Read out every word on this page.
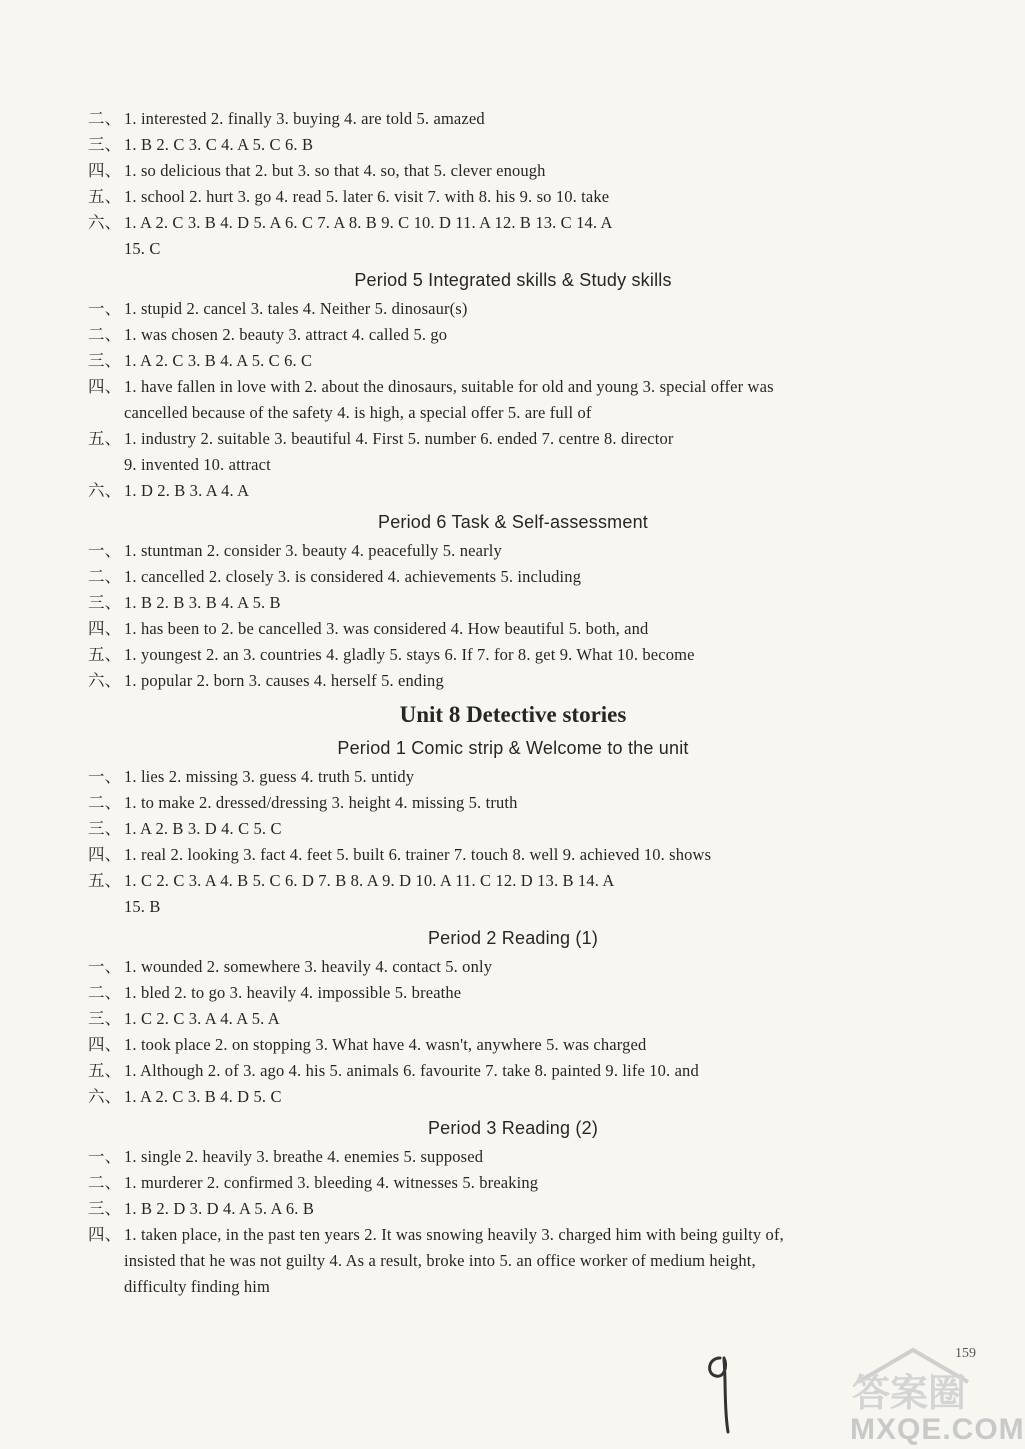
二、 1. interested 2. finally 3. buying 4. are told 5. amazed
三、 1. B 2. C 3. C 4. A 5. C 6. B
四、 1. so delicious that 2. but 3. so that 4. so, that 5. clever enough
五、 1. school 2. hurt 3. go 4. read 5. later 6. visit 7. with 8. his 9. so 10. take
六、 1. A 2. C 3. B 4. D 5. A 6. C 7. A 8. B 9. C 10. D 11. A 12. B 13. C 14. A
15. C
Period 5 Integrated skills & Study skills
一、 1. stupid 2. cancel 3. tales 4. Neither 5. dinosaur(s)
二、 1. was chosen 2. beauty 3. attract 4. called 5. go
三、 1. A 2. C 3. B 4. A 5. C 6. C
四、 1. have fallen in love with 2. about the dinosaurs, suitable for old and young 3. special offer was
cancelled because of the safety 4. is high, a special offer 5. are full of
五、 1. industry 2. suitable 3. beautiful 4. First 5. number 6. ended 7. centre 8. director
9. invented 10. attract
六、 1. D 2. B 3. A 4. A
Period 6 Task & Self-assessment
一、 1. stuntman 2. consider 3. beauty 4. peacefully 5. nearly
二、 1. cancelled 2. closely 3. is considered 4. achievements 5. including
三、 1. B 2. B 3. B 4. A 5. B
四、 1. has been to 2. be cancelled 3. was considered 4. How beautiful 5. both, and
五、 1. youngest 2. an 3. countries 4. gladly 5. stays 6. If 7. for 8. get 9. What 10. become
六、 1. popular 2. born 3. causes 4. herself 5. ending
Unit 8 Detective stories
Period 1 Comic strip & Welcome to the unit
一、 1. lies 2. missing 3. guess 4. truth 5. untidy
二、 1. to make 2. dressed/dressing 3. height 4. missing 5. truth
三、 1. A 2. B 3. D 4. C 5. C
四、 1. real 2. looking 3. fact 4. feet 5. built 6. trainer 7. touch 8. well 9. achieved 10. shows
五、 1. C 2. C 3. A 4. B 5. C 6. D 7. B 8. A 9. D 10. A 11. C 12. D 13. B 14. A
15. B
Period 2 Reading (1)
一、 1. wounded 2. somewhere 3. heavily 4. contact 5. only
二、 1. bled 2. to go 3. heavily 4. impossible 5. breathe
三、 1. C 2. C 3. A 4. A 5. A
四、 1. took place 2. on stopping 3. What have 4. wasn't, anywhere 5. was charged
五、 1. Although 2. of 3. ago 4. his 5. animals 6. favourite 7. take 8. painted 9. life 10. and
六、 1. A 2. C 3. B 4. D 5. C
Period 3 Reading (2)
一、 1. single 2. heavily 3. breathe 4. enemies 5. supposed
二、 1. murderer 2. confirmed 3. bleeding 4. witnesses 5. breaking
三、 1. B 2. D 3. D 4. A 5. A 6. B
四、 1. taken place, in the past ten years 2. It was snowing heavily 3. charged him with being guilty of,
insisted that he was not guilty 4. As a result, broke into 5. an office worker of medium height,
difficulty finding him
159
答案圈
MXQE.COM
